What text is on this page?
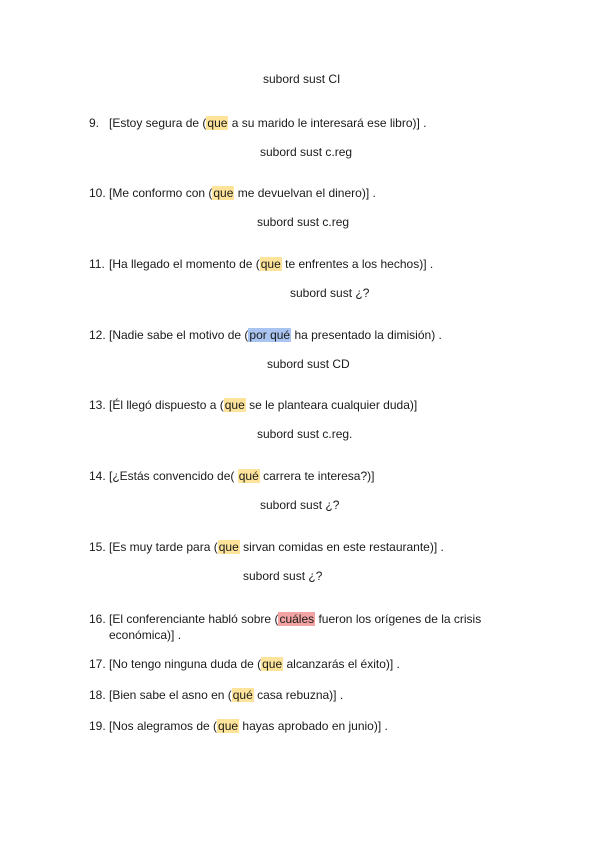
subord sust CI
9. [Estoy segura de (que a su marido le interesará ese libro)] .
subord sust c.reg
10. [Me conformo con (que me devuelvan el dinero)] .
subord sust c.reg
11. [Ha llegado el momento de (que te enfrentes a los hechos)] .
subord sust ¿?
12. [Nadie sabe el motivo de (por qué ha presentado la dimisión) .
subord sust CD
13. [Él llegó dispuesto a (que se le planteara cualquier duda)]
subord sust c.reg.
14. [¿Estás convencido de( qué carrera te interesa?)]
subord sust ¿?
15. [Es muy tarde para (que sirvan comidas en este restaurante)] .
subord sust ¿?
16. [El conferenciante habló sobre (cuáles fueron los orígenes de la crisis
económica)] .
17. [No tengo ninguna duda de (que alcanzarás el éxito)] .
18. [Bien sabe el asno en (qué casa rebuzna)] .
19. [Nos alegramos de (que hayas aprobado en junio)] .
